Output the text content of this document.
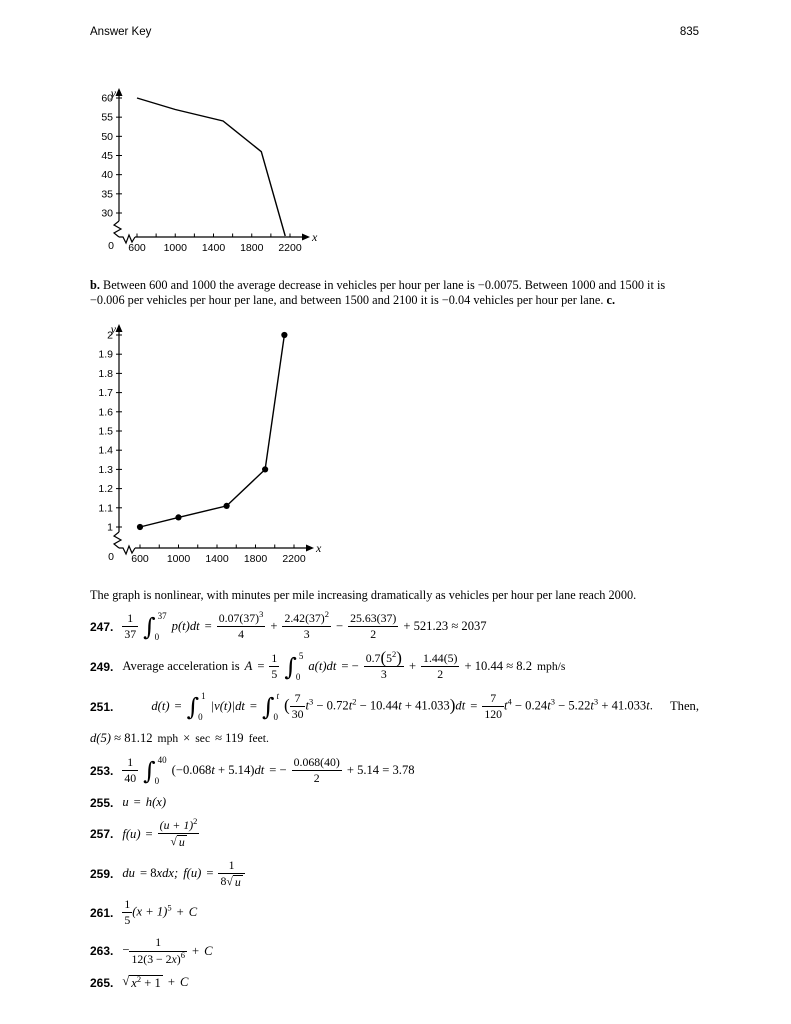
Answer Key	835
x
y
0 600 1000 1400 1800 2200
30
35
40
45
50
55
60

b. Between 600 and 1000 the average decrease in vehicles per hour per lane is −0.0075. Between 1000 and 1500 it is −0.006 per vehicles per hour per lane, and between 1500 and 2100 it is −0.04 vehicles per hour per lane. c.

x
y
0 600 1000 1400 1800 2200
1
1.1
1.2
1.3
1.4
1.5
1.6
1.7
1.8
1.9
2

The graph is nonlinear, with minutes per mile increasing dramatically as vehicles per hour per lane reach 2000.

247. $\frac{1}{37}$ ∫ 37
0
$p(t)dt = \frac{0.07(37)^3}{4} + \frac{2.42(37)^2}{3} - \frac{25.63(37)}{2} + 521.23 \approx 2037$
249. Average acceleration is $A = \frac{1}{5}$ ∫ 5
0
a(t)dt = − $\frac{0.7(5^2)}{3} + \frac{1.44(5)}{2} + 10.44 \approx 8.2$ mph/s
251.	d(t) = ∫ 1
0
|v(t)|dt = ∫ t
0
( $\frac{7}{30} t^3 - 0.72t^2 - 10.44t + 41.033)dt = \frac{7}{120} t^4 - 0.24t^3 - 5.22t^3 + 41.033t$. Then,
d(5) ≈ 81.12 mph × sec ≈ 119 feet.
253. $\frac{1}{40}$ ∫ 40
0
(−0.068t + 5.14)dt = − $\frac{0.068(40)}{2} + 5.14 = 3.78$
255. u = h(x)
257. $f(u) = \frac{(u + 1)^2}{√ u}$
259. du = 8xdx; $f(u) = \frac{1}{8 √ u}$
261. $\frac{1}{5} (x + 1)^5 + C$
263. − $\frac{1}{12(3 - 2x)^6} + C$
265. √ $x^2 + 1 + C$
